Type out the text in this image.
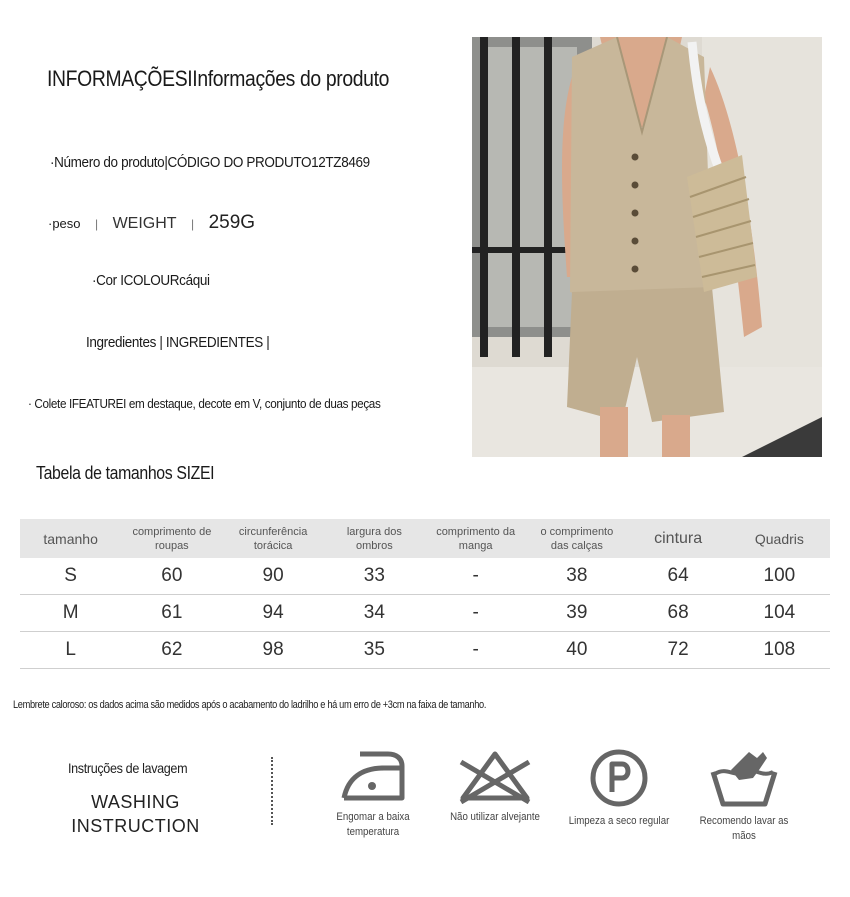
INFORMAÇÕESIInformações do produto
·Número do produto|CÓDIGO DO PRODUTO12TZ8469
·peso | WEIGHT | 259G
·Cor ICOLOURcáqui
Ingredientes | INGREDIENTES |
· Colete IFEATUREI em destaque, decote em V, conjunto de duas peças
Tabela de tamanhos SIZEI
tamanho	comprimento de roupas	circunferência torácica	largura dos ombros	comprimento da manga	o comprimento das calças	cintura	Quadris
S	60	90	33	-	38	64	100
M	61	94	34	-	39	68	104
L	62	98	35	-	40	72	108
Lembrete caloroso: os dados acima são medidos após o acabamento do ladrilho e há um erro de +3cm na faixa de tamanho.
Instruções de lavagem
WASHING INSTRUCTION	Engomar a baixa temperatura
Não utilizar alvejante	Limpeza a seco regular	Recomendo lavar as mãos
